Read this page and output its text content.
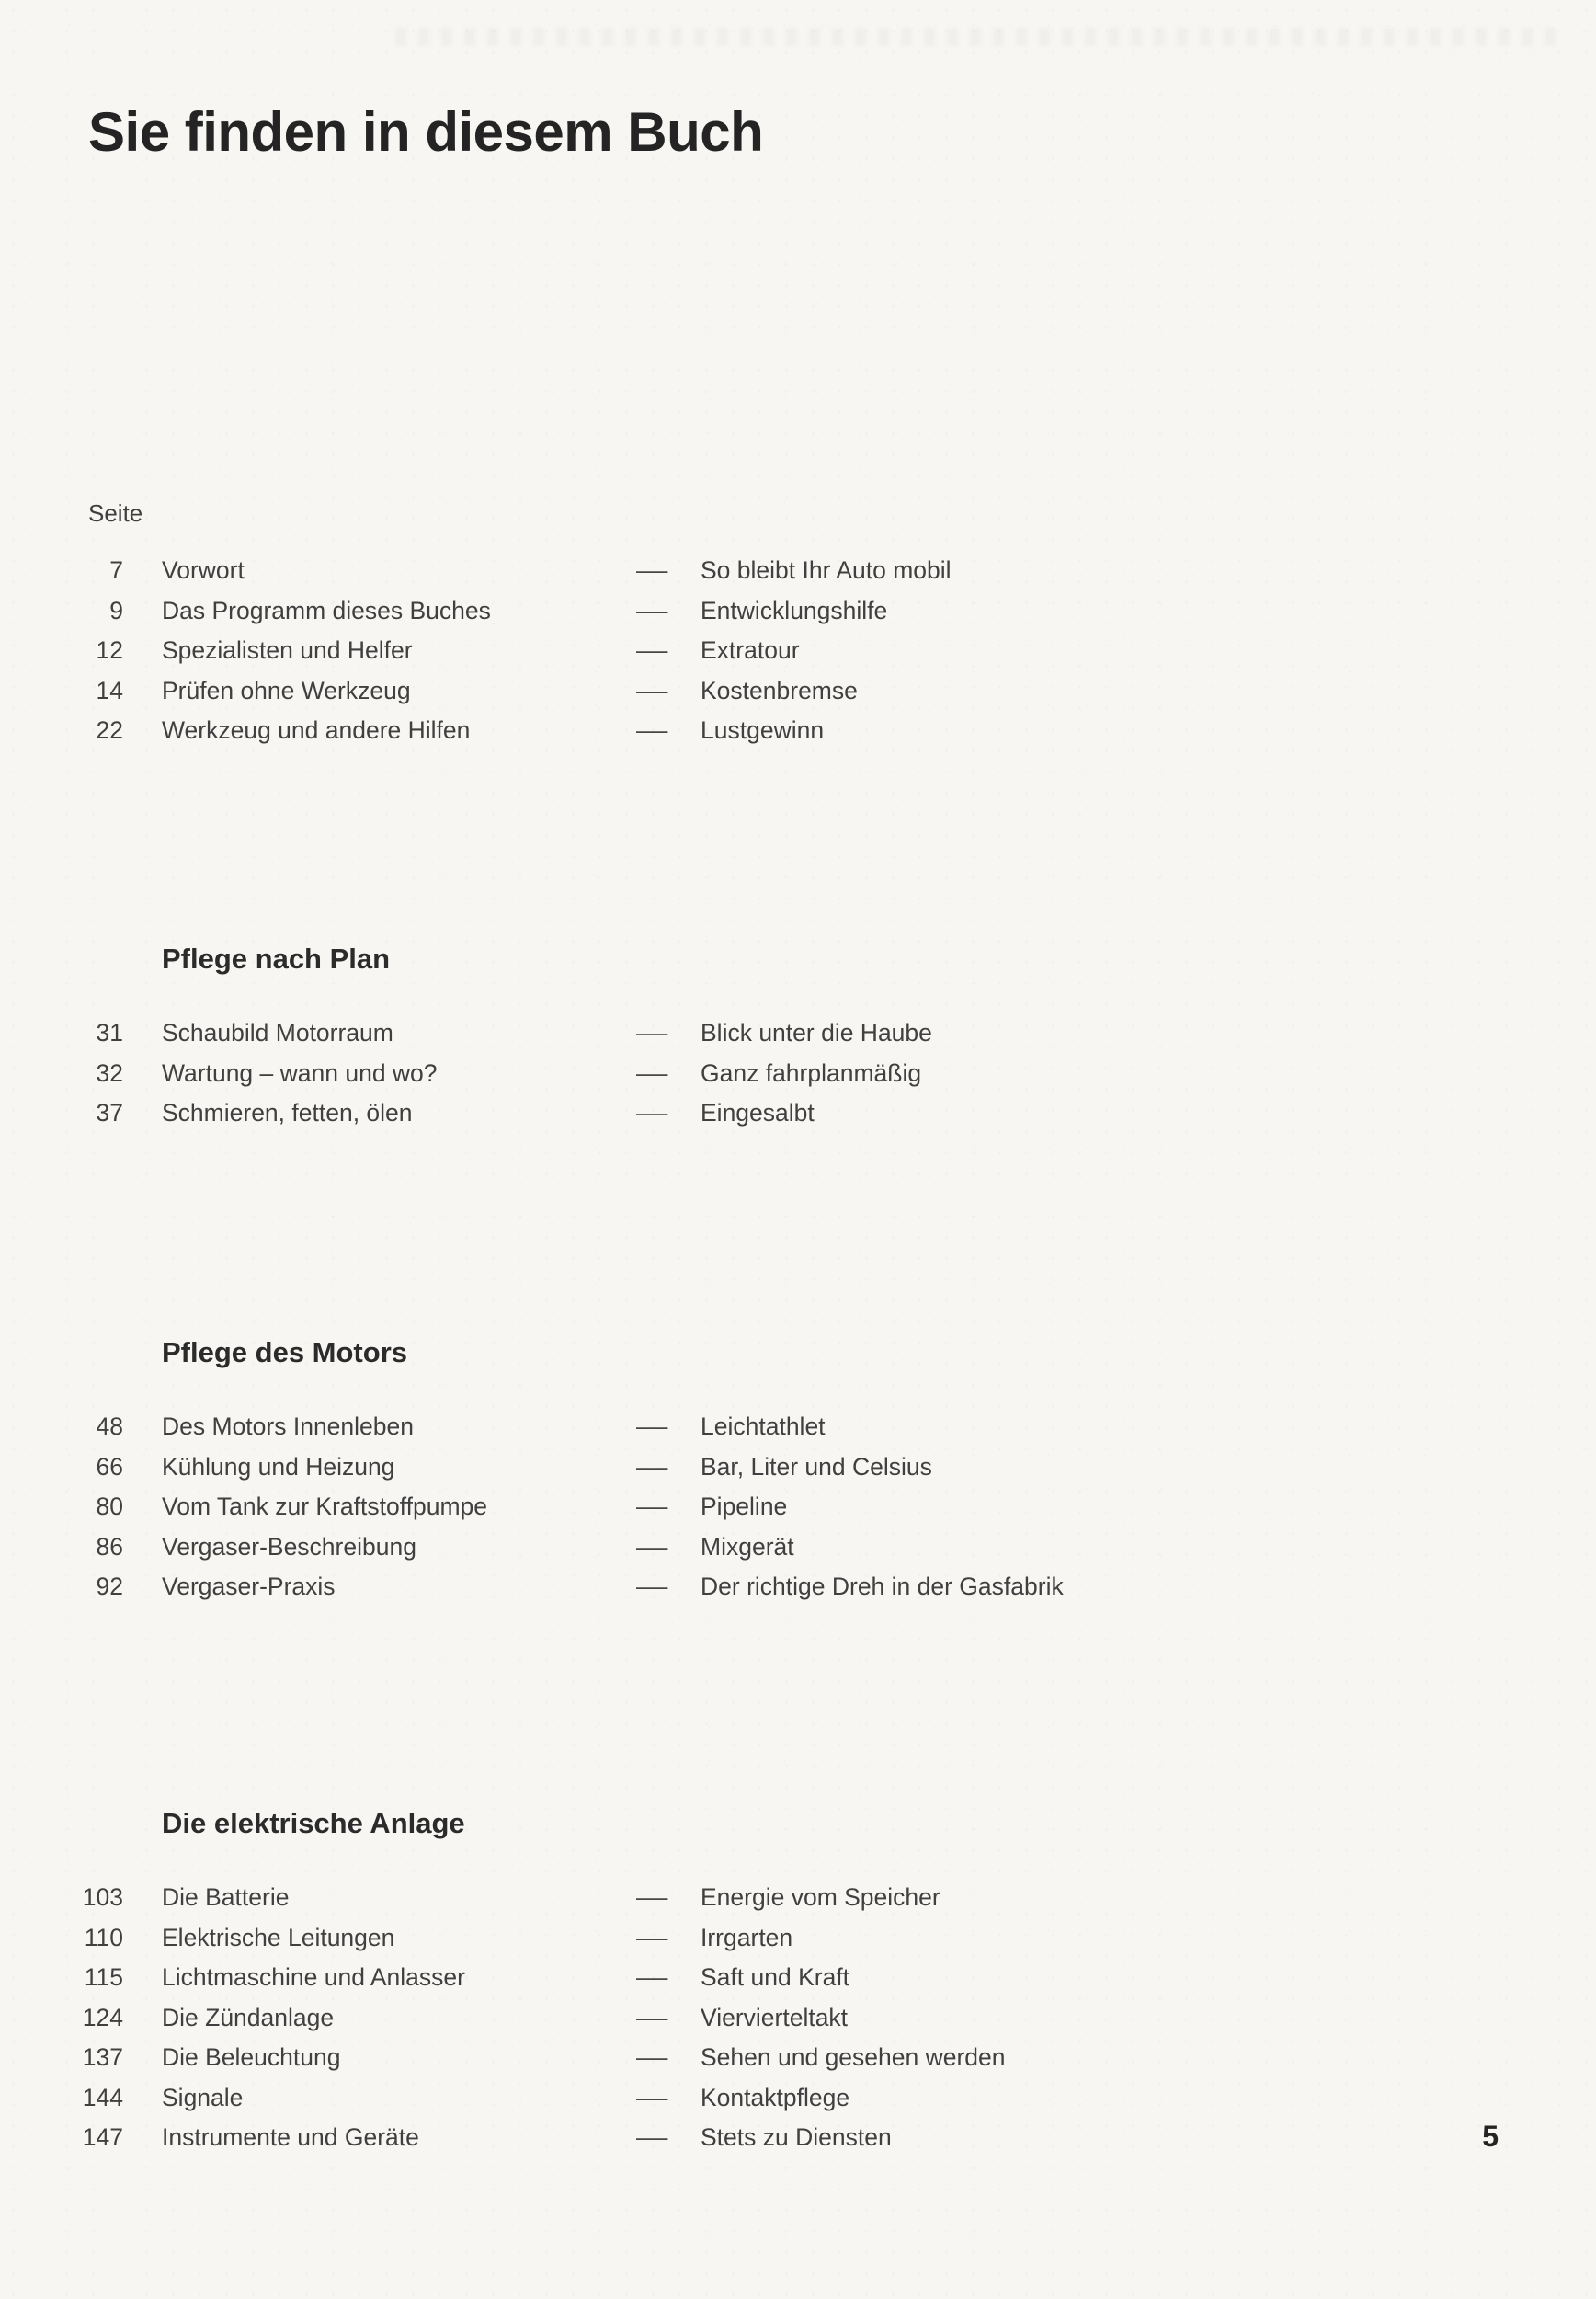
Sie finden in diesem Buch
Seite
7 Vorwort	— So bleibt Ihr Auto mobil
9 Das Programm dieses Buches	— Entwicklungshilfe
12 Spezialisten und Helfer	— Extratour
14 Prüfen ohne Werkzeug	— Kostenbremse
22 Werkzeug und andere Hilfen	— Lustgewinn
Pflege nach Plan
31 Schaubild Motorraum	— Blick unter die Haube
32 Wartung – wann und wo?	— Ganz fahrplanmäßig
37 Schmieren, fetten, ölen	— Eingesalbt
Pflege des Motors
48 Des Motors Innenleben	— Leichtathlet
66 Kühlung und Heizung	— Bar, Liter und Celsius
80 Vom Tank zur Kraftstoffpumpe	— Pipeline
86 Vergaser-Beschreibung	— Mixgerät
92 Vergaser-Praxis	— Der richtige Dreh in der Gasfabrik
Die elektrische Anlage
103 Die Batterie	— Energie vom Speicher
110 Elektrische Leitungen	— Irrgarten
115 Lichtmaschine und Anlasser	— Saft und Kraft
124 Die Zündanlage	— Viervierteltakt
137 Die Beleuchtung	— Sehen und gesehen werden
144 Signale	— Kontaktpflege
147 Instrumente und Geräte	— Stets zu Diensten	5
